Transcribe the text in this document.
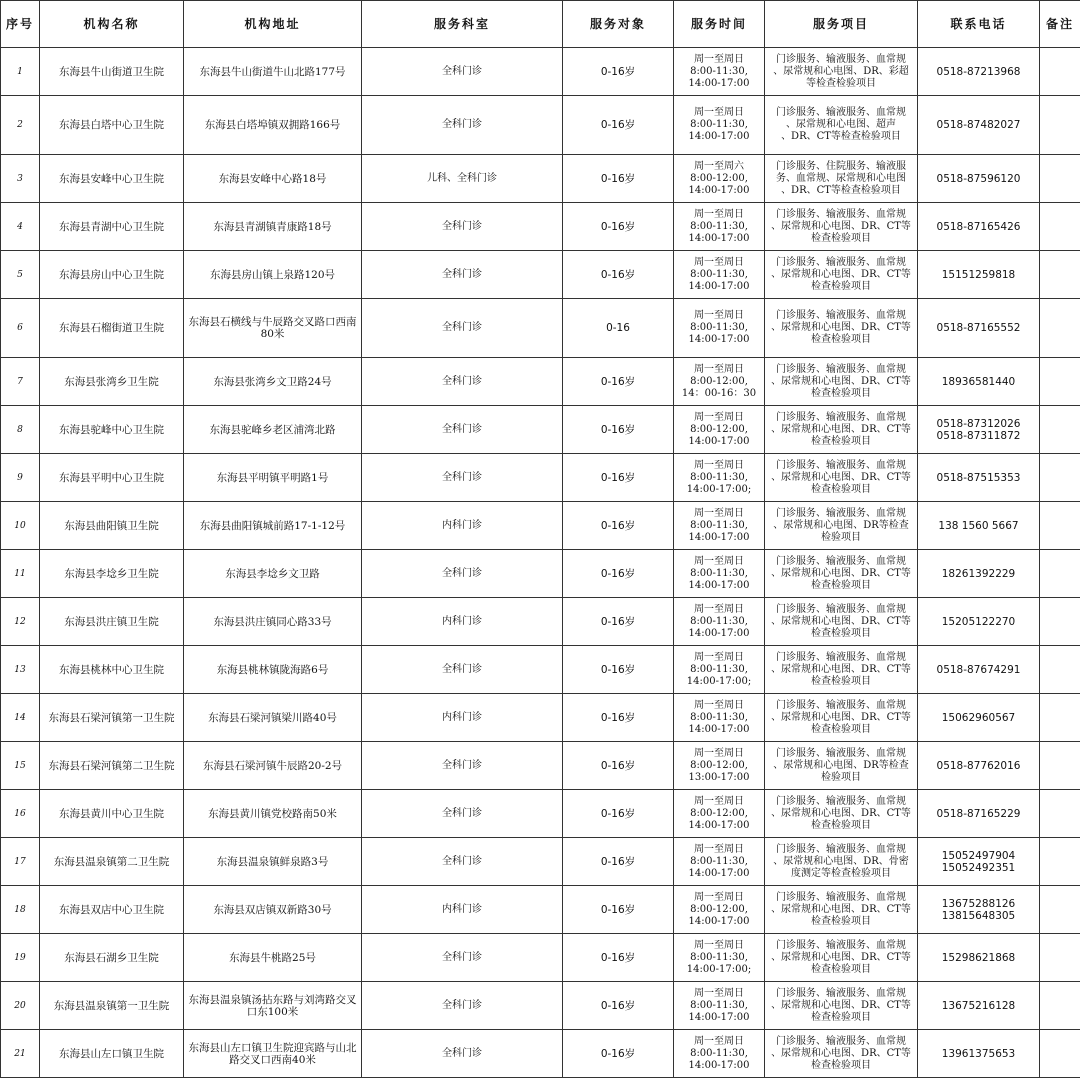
序号	机构名称	机构地址	服务科室	服务对象	服务时间	服务项目	联系电话	备注
1	东海县牛山街道卫生院	东海县牛山街道牛山北路177号	全科门诊	0-16岁	周一至周日
8:00-11:30,
14:00-17:00	门诊服务、输液服务、血常规
、尿常规和心电图、DR、彩超
等检查检验项目	0518-87213968	

2	东海县白塔中心卫生院	东海县白塔埠镇双拥路166号	全科门诊	0-16岁	周一至周日
8:00-11:30,
14:00-17:00	门诊服务、输液服务、血常规
、尿常规和心电图、超声
、DR、CT等检查检验项目	0518-87482027	

3	东海县安峰中心卫生院	东海县安峰中心路18号	儿科、全科门诊	0-16岁	周一至周六
8:00-12:00,
14:00-17:00	门诊服务、住院服务、输液服
务、血常规、尿常规和心电图
、DR、CT等检查检验项目	0518-87596120	

4	东海县青湖中心卫生院	东海县青湖镇青康路18号	全科门诊	0-16岁	周一至周日
8:00-11:30,
14:00-17:00	门诊服务、输液服务、血常规
、尿常规和心电图、DR、CT等
检查检验项目	0518-87165426	

5	东海县房山中心卫生院	东海县房山镇上泉路120号	全科门诊	0-16岁	周一至周日
8:00-11:30,
14:00-17:00	门诊服务、输液服务、血常规
、尿常规和心电图、DR、CT等
检查检验项目	15151259818	

6	东海县石榴街道卫生院	东海县石横线与牛辰路交叉路口西南80米	全科门诊	0-16	周一至周日
8:00-11:30,
14:00-17:00	门诊服务、输液服务、血常规
、尿常规和心电图、DR、CT等
检查检验项目	0518-87165552	

7	东海县张湾乡卫生院	东海县张湾乡文卫路24号	全科门诊	0-16岁	周一至周日
8:00-12:00,
14：00-16：30	门诊服务、输液服务、血常规
、尿常规和心电图、DR、CT等
检查检验项目	18936581440	

8	东海县驼峰中心卫生院	东海县驼峰乡老区浦湾北路	全科门诊	0-16岁	周一至周日
8:00-12:00,
14:00-17:00	门诊服务、输液服务、血常规
、尿常规和心电图、DR、CT等
检查检验项目	0518-87312026
0518-87311872	

9	东海县平明中心卫生院	东海县平明镇平明路1号	全科门诊	0-16岁	周一至周日
8:00-11:30,
14:00-17:00;	门诊服务、输液服务、血常规
、尿常规和心电图、DR、CT等
检查检验项目	0518-87515353	

10	东海县曲阳镇卫生院	东海县曲阳镇城前路17-1-12号	内科门诊	0-16岁	周一至周日
8:00-11:30,
14:00-17:00	门诊服务、输液服务、血常规
、尿常规和心电图、DR等检查
检验项目	138 1560 5667	

11	东海县李埝乡卫生院	东海县李埝乡文卫路	全科门诊	0-16岁	周一至周日
8:00-11:30,
14:00-17:00	门诊服务、输液服务、血常规
、尿常规和心电图、DR、CT等
检查检验项目	18261392229	

12	东海县洪庄镇卫生院	东海县洪庄镇同心路33号	内科门诊	0-16岁	周一至周日
8:00-11:30,
14:00-17:00	门诊服务、输液服务、血常规
、尿常规和心电图、DR、CT等
检查检验项目	15205122270	

13	东海县桃林中心卫生院	东海县桃林镇陇海路6号	全科门诊	0-16岁	周一至周日
8:00-11:30,
14:00-17:00;	门诊服务、输液服务、血常规
、尿常规和心电图、DR、CT等
检查检验项目	0518-87674291	

14	东海县石梁河镇第一卫生院	东海县石梁河镇梁川路40号	内科门诊	0-16岁	周一至周日
8:00-11:30,
14:00-17:00	门诊服务、输液服务、血常规
、尿常规和心电图、DR、CT等
检查检验项目	15062960567	

15	东海县石梁河镇第二卫生院	东海县石梁河镇牛辰路20-2号	全科门诊	0-16岁	周一至周日
8:00-12:00,
13:00-17:00	门诊服务、输液服务、血常规
、尿常规和心电图、DR等检查
检验项目	0518-87762016	

16	东海县黄川中心卫生院	东海县黄川镇党校路南50米	全科门诊	0-16岁	周一至周日
8:00-12:00,
14:00-17:00	门诊服务、输液服务、血常规
、尿常规和心电图、DR、CT等
检查检验项目	0518-87165229	

17	东海县温泉镇第二卫生院	东海县温泉镇鲜泉路3号	全科门诊	0-16岁	周一至周日
8:00-11:30,
14:00-17:00	门诊服务、输液服务、血常规
、尿常规和心电图、DR、骨密
度测定等检查检验项目	15052497904
15052492351	

18	东海县双店中心卫生院	东海县双店镇双新路30号	内科门诊	0-16岁	周一至周日
8:00-12:00,
14:00-17:00	门诊服务、输液服务、血常规
、尿常规和心电图、DR、CT等
检查检验项目	13675288126
13815648305	

19	东海县石湖乡卫生院	东海县牛桃路25号	全科门诊	0-16岁	周一至周日
8:00-11:30,
14:00-17:00;	门诊服务、输液服务、血常规
、尿常规和心电图、DR、CT等
检查检验项目	15298621868	

20	东海县温泉镇第一卫生院	东海县温泉镇汤拈东路与刘湾路交叉口东100米	全科门诊	0-16岁	周一至周日
8:00-11:30,
14:00-17:00	门诊服务、输液服务、血常规
、尿常规和心电图、DR、CT等
检查检验项目	13675216128	

21	东海县山左口镇卫生院	东海县山左口镇卫生院迎宾路与山北路交叉口西南40米	全科门诊	0-16岁	周一至周日
8:00-11:30,
14:00-17:00	门诊服务、输液服务、血常规
、尿常规和心电图、DR、CT等
检查检验项目	13961375653	
